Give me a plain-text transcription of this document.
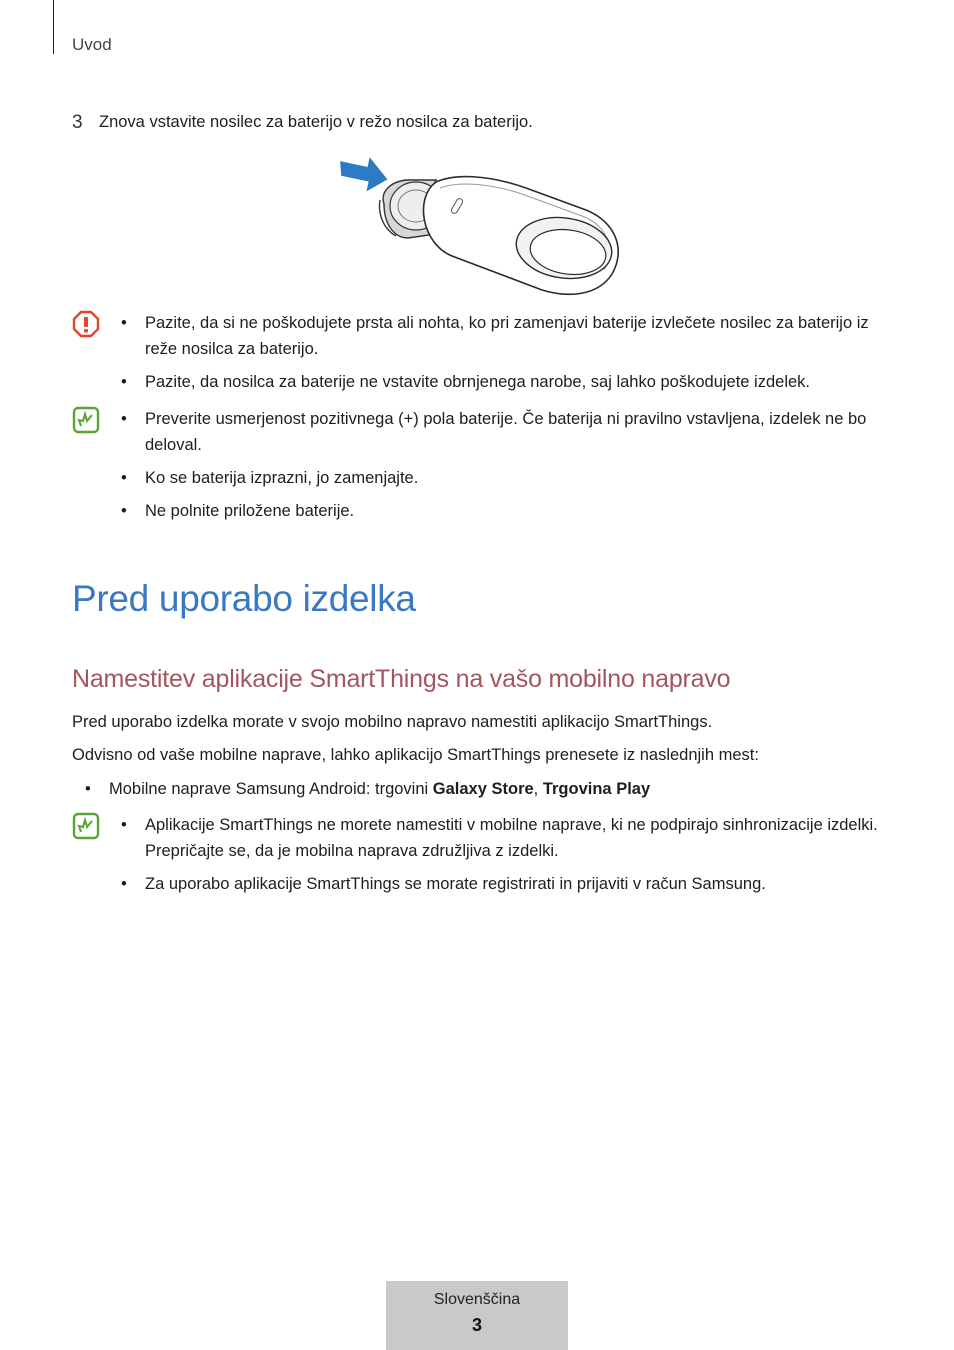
Uvod
3 Znova vstavite nosilec za baterijo v režo nosilca za baterijo.
• Pazite, da si ne poškodujete prsta ali nohta, ko pri zamenjavi baterije izvlečete nosilec za baterijo iz reže nosilca za baterijo.
• Pazite, da nosilca za baterije ne vstavite obrnjenega narobe, saj lahko poškodujete izdelek.
• Preverite usmerjenost pozitivnega (+) pola baterije. Če baterija ni pravilno vstavljena, izdelek ne bo deloval.
• Ko se baterija izprazni, jo zamenjajte.
• Ne polnite priložene baterije.
Pred uporabo izdelka
Namestitev aplikacije SmartThings na vašo mobilno napravo
Pred uporabo izdelka morate v svojo mobilno napravo namestiti aplikacijo SmartThings.
Odvisno od vaše mobilne naprave, lahko aplikacijo SmartThings prenesete iz naslednjih mest:
• Mobilne naprave Samsung Android: trgovini Galaxy Store, Trgovina Play
• Aplikacije SmartThings ne morete namestiti v mobilne naprave, ki ne podpirajo sinhronizacije izdelki. Prepričajte se, da je mobilna naprava združljiva z izdelki.
• Za uporabo aplikacije SmartThings se morate registrirati in prijaviti v račun Samsung.
Slovenščina
3
